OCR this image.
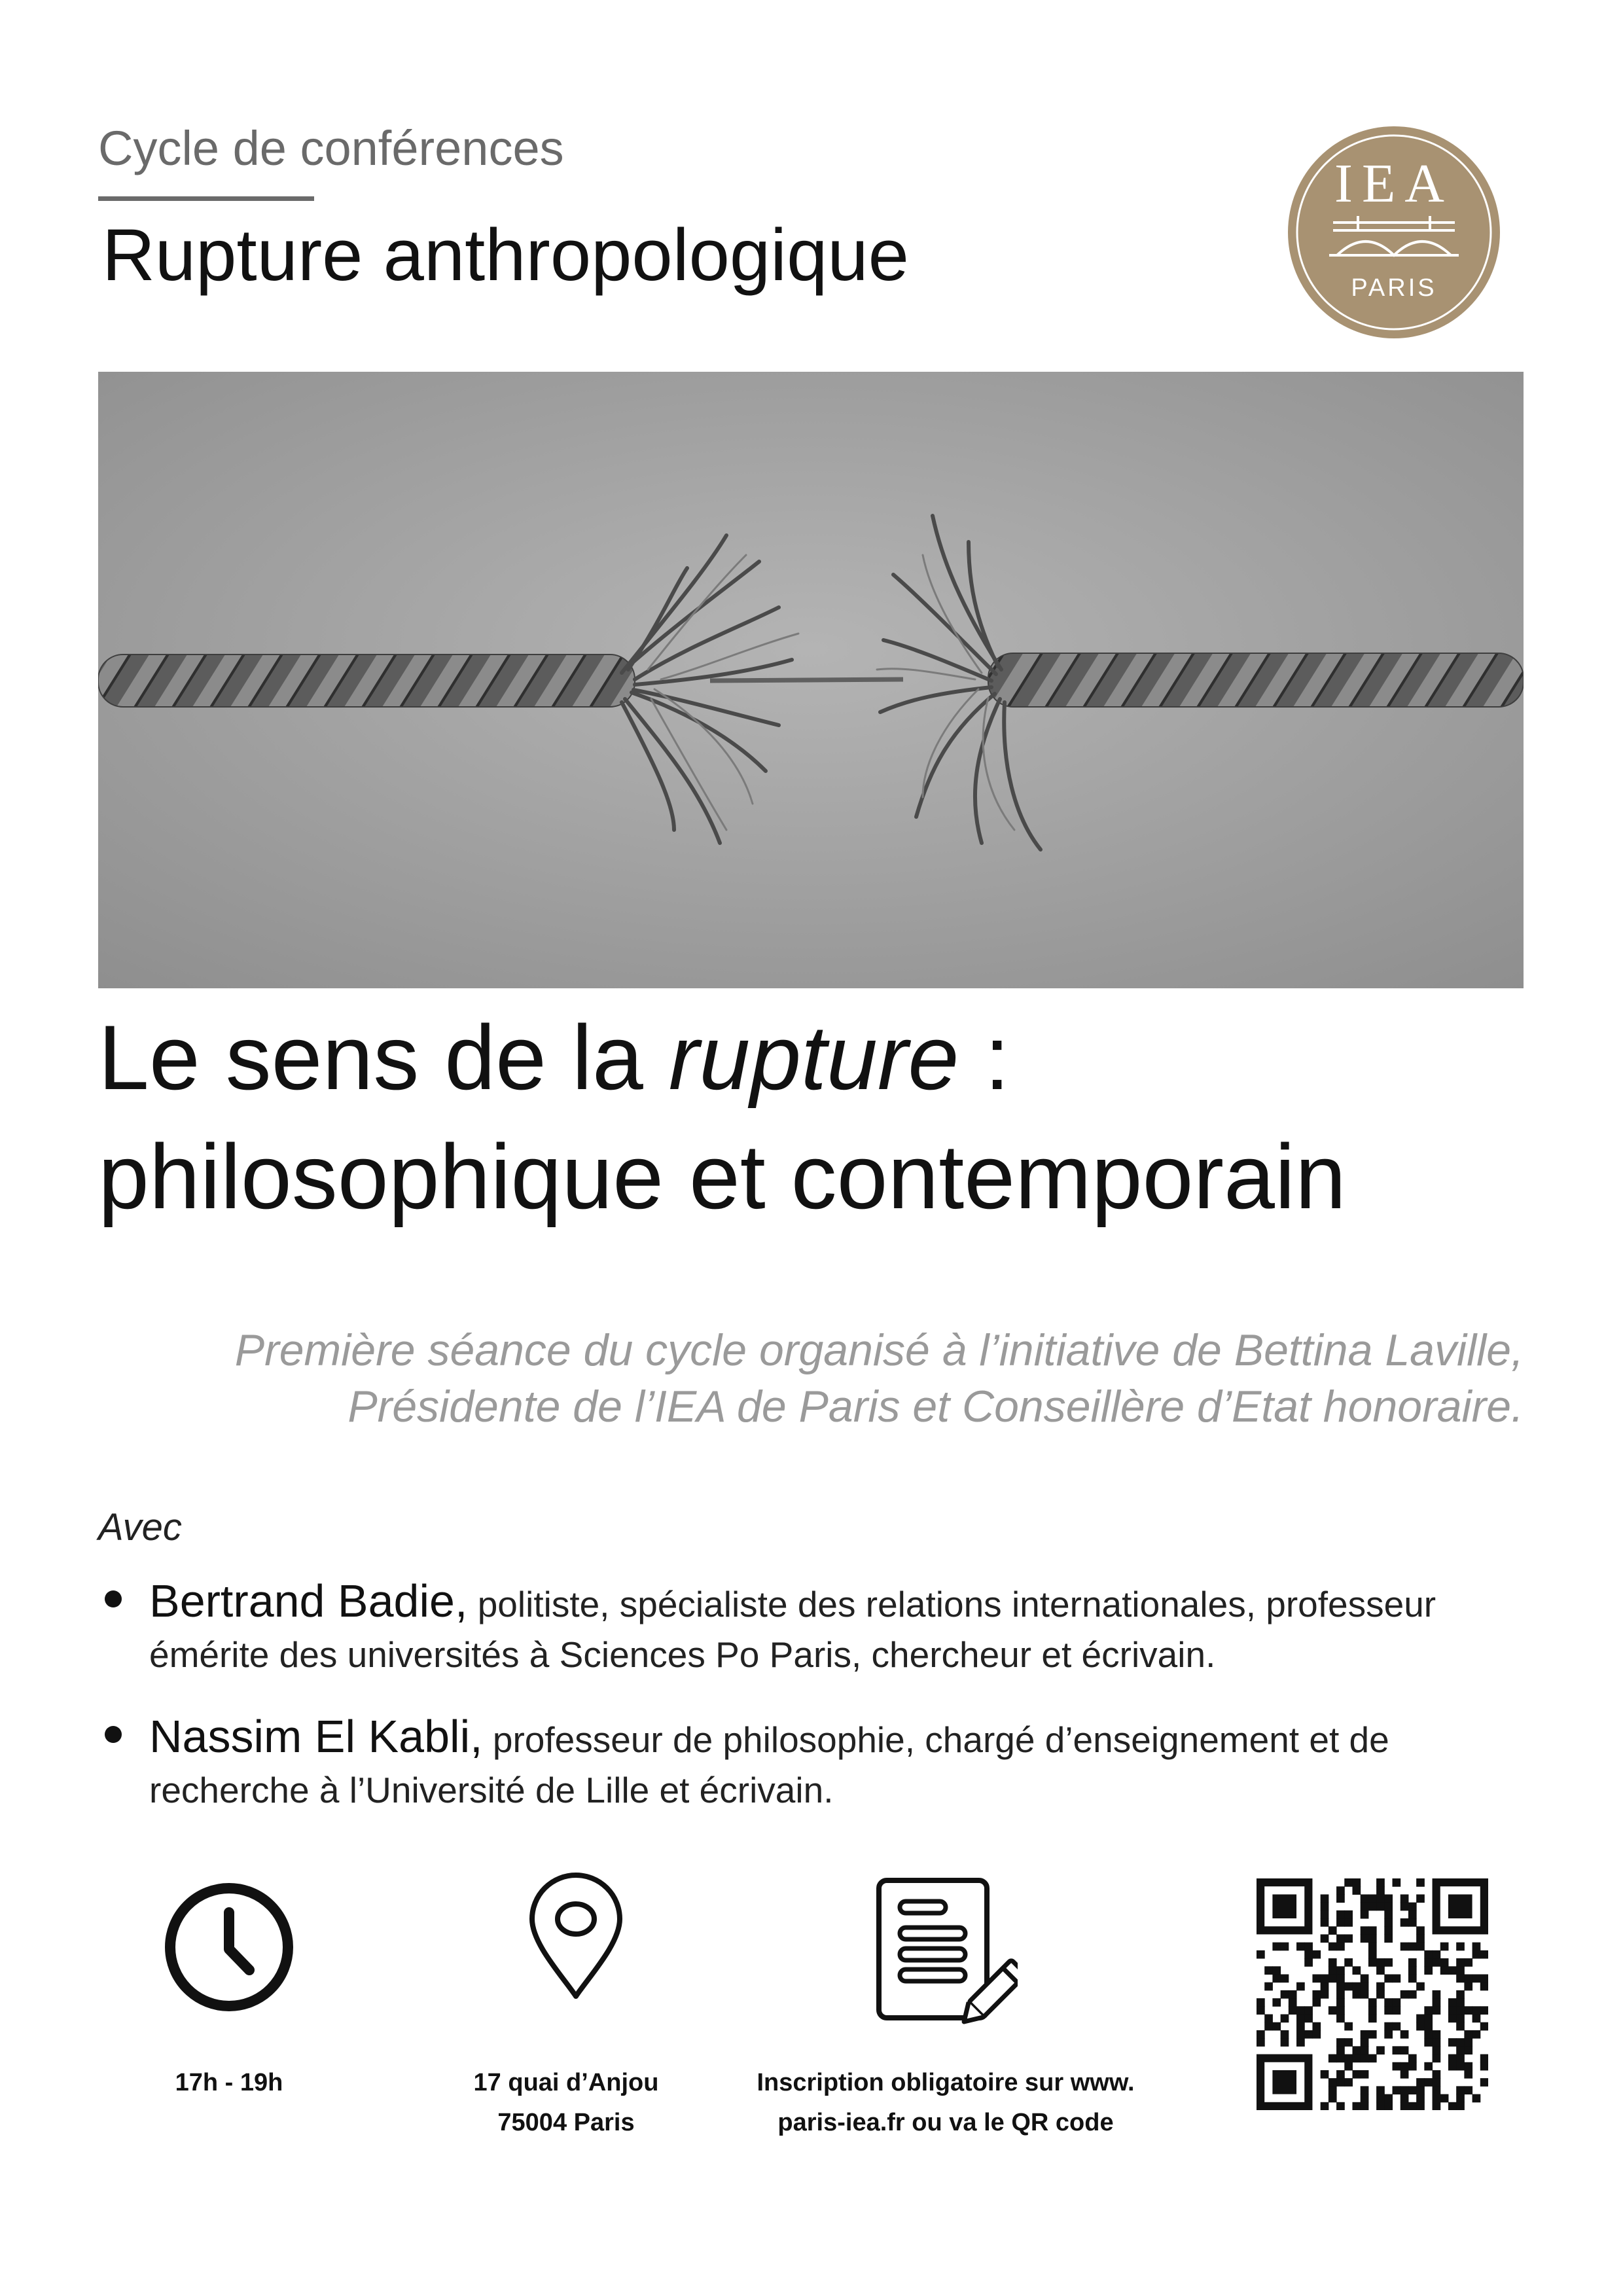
Cycle de conférences
Rupture anthropologique
IEA
PARIS
Le sens de la rupture :
philosophique et contemporain
Première séance du cycle organisé à l’initiative de Bettina Laville,
Présidente de l’IEA de Paris et Conseillère d’Etat honoraire.
Avec
Bertrand Badie, politiste, spécialiste des relations internationales, professeur émérite des universités à Sciences Po Paris, chercheur et écrivain.
Nassim El Kabli, professeur de philosophie, chargé d’enseignement et de recherche à l’Université de Lille et écrivain.
17h - 19h	17 quai d’Anjou
75004 Paris
Inscription obligatoire sur www.
paris-iea.fr ou va le QR code
